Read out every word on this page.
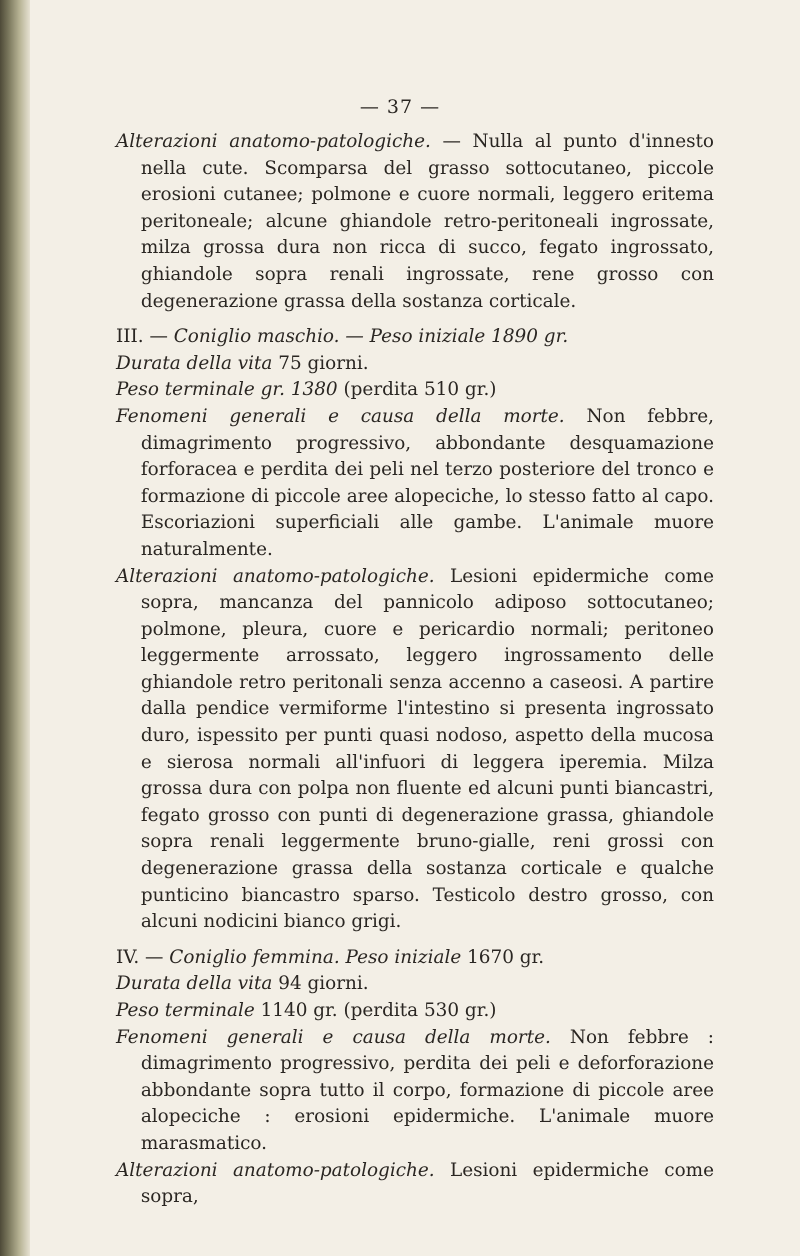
— 37 —

Alterazioni anatomo-patologiche. — Nulla al punto d'innesto nella cute. Scomparsa del grasso sottocutaneo, piccole erosioni cutanee; polmone e cuore normali, leggero eritema peritoneale; alcune ghiandole retro-peritoneali ingrossate, milza grossa dura non ricca di succo, fegato ingrossato, ghiandole sopra renali ingrossate, rene grosso con degenerazione grassa della sostanza corticale.

III. — Coniglio maschio. — Peso iniziale 1890 gr.

Durata della vita 75 giorni.

Peso terminale gr. 1380 (perdita 510 gr.)

Fenomeni generali e causa della morte. Non febbre, dimagrimento progressivo, abbondante desquamazione forforacea e perdita dei peli nel terzo posteriore del tronco e formazione di piccole aree alopeciche, lo stesso fatto al capo. Escoriazioni superficiali alle gambe. L'animale muore naturalmente.

Alterazioni anatomo-patologiche. Lesioni epidermiche come sopra, mancanza del pannicolo adiposo sottocutaneo; polmone, pleura, cuore e pericardio normali; peritoneo leggermente arrossato, leggero ingrossamento delle ghiandole retro peritonali senza accenno a caseosi. A partire dalla pendice vermiforme l'intestino si presenta ingrossato duro, ispessito per punti quasi nodoso, aspetto della mucosa e sierosa normali all'infuori di leggera iperemia. Milza grossa dura con polpa non fluente ed alcuni punti biancastri, fegato grosso con punti di degenerazione grassa, ghiandole sopra renali leggermente bruno-gialle, reni grossi con degenerazione grassa della sostanza corticale e qualche punticino biancastro sparso. Testicolo destro grosso, con alcuni nodicini bianco grigi.

IV. — Coniglio femmina. Peso iniziale 1670 gr.

Durata della vita 94 giorni.

Peso terminale 1140 gr. (perdita 530 gr.)

Fenomeni generali e causa della morte. Non febbre : dimagrimento progressivo, perdita dei peli e deforforazione abbondante sopra tutto il corpo, formazione di piccole aree alopeciche : erosioni epidermiche. L'animale muore marasmatico.

Alterazioni anatomo-patologiche. Lesioni epidermiche come sopra,
